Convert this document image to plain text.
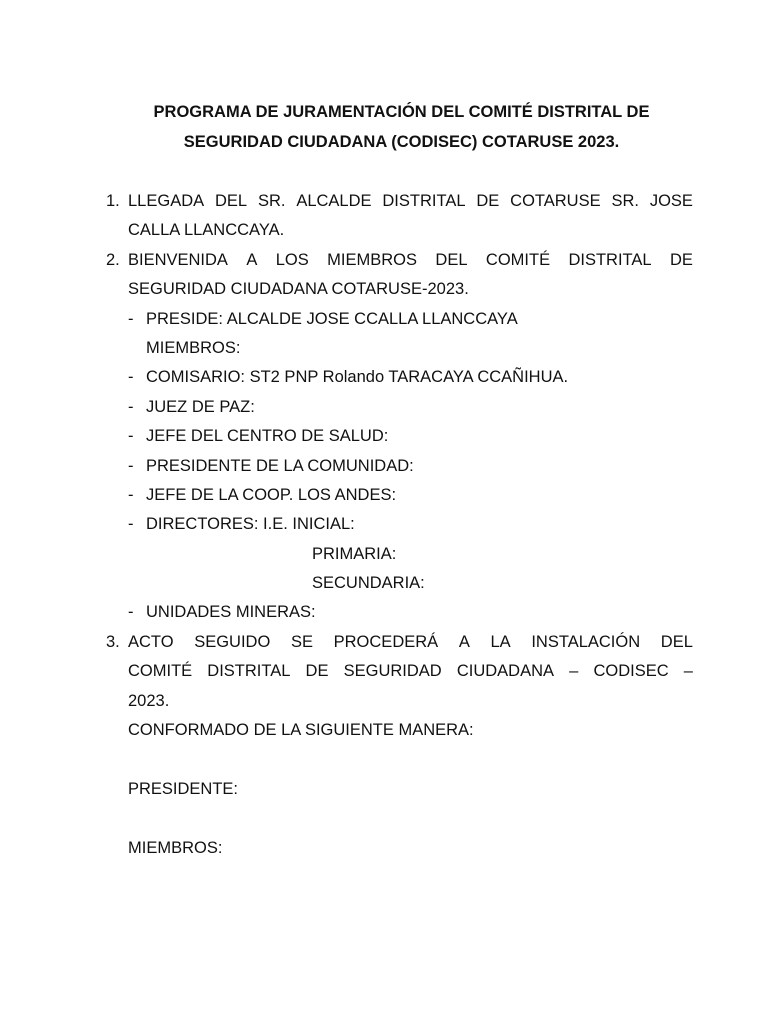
PROGRAMA DE JURAMENTACIÓN DEL COMITÉ DISTRITAL DE
SEGURIDAD CIUDADANA (CODISEC) COTARUSE 2023.
1. LLEGADA DEL SR. ALCALDE DISTRITAL DE COTARUSE SR. JOSE
CALLA LLANCCAYA.
2. BIENVENIDA A LOS MIEMBROS DEL COMITÉ DISTRITAL DE
SEGURIDAD CIUDADANA COTARUSE-2023.
- PRESIDE: ALCALDE JOSE CCALLA LLANCCAYA
MIEMBROS:
- COMISARIO: ST2 PNP Rolando TARACAYA CCAÑIHUA.
- JUEZ DE PAZ:
- JEFE DEL CENTRO DE SALUD:
- PRESIDENTE DE LA COMUNIDAD:
- JEFE DE LA COOP. LOS ANDES:
- DIRECTORES: I.E. INICIAL:
PRIMARIA:
SECUNDARIA:
- UNIDADES MINERAS:
3. ACTO SEGUIDO SE PROCEDERÁ A LA INSTALACIÓN DEL
COMITÉ DISTRITAL DE SEGURIDAD CIUDADANA – CODISEC –
2023.
CONFORMADO DE LA SIGUIENTE MANERA:
PRESIDENTE:
MIEMBROS:
